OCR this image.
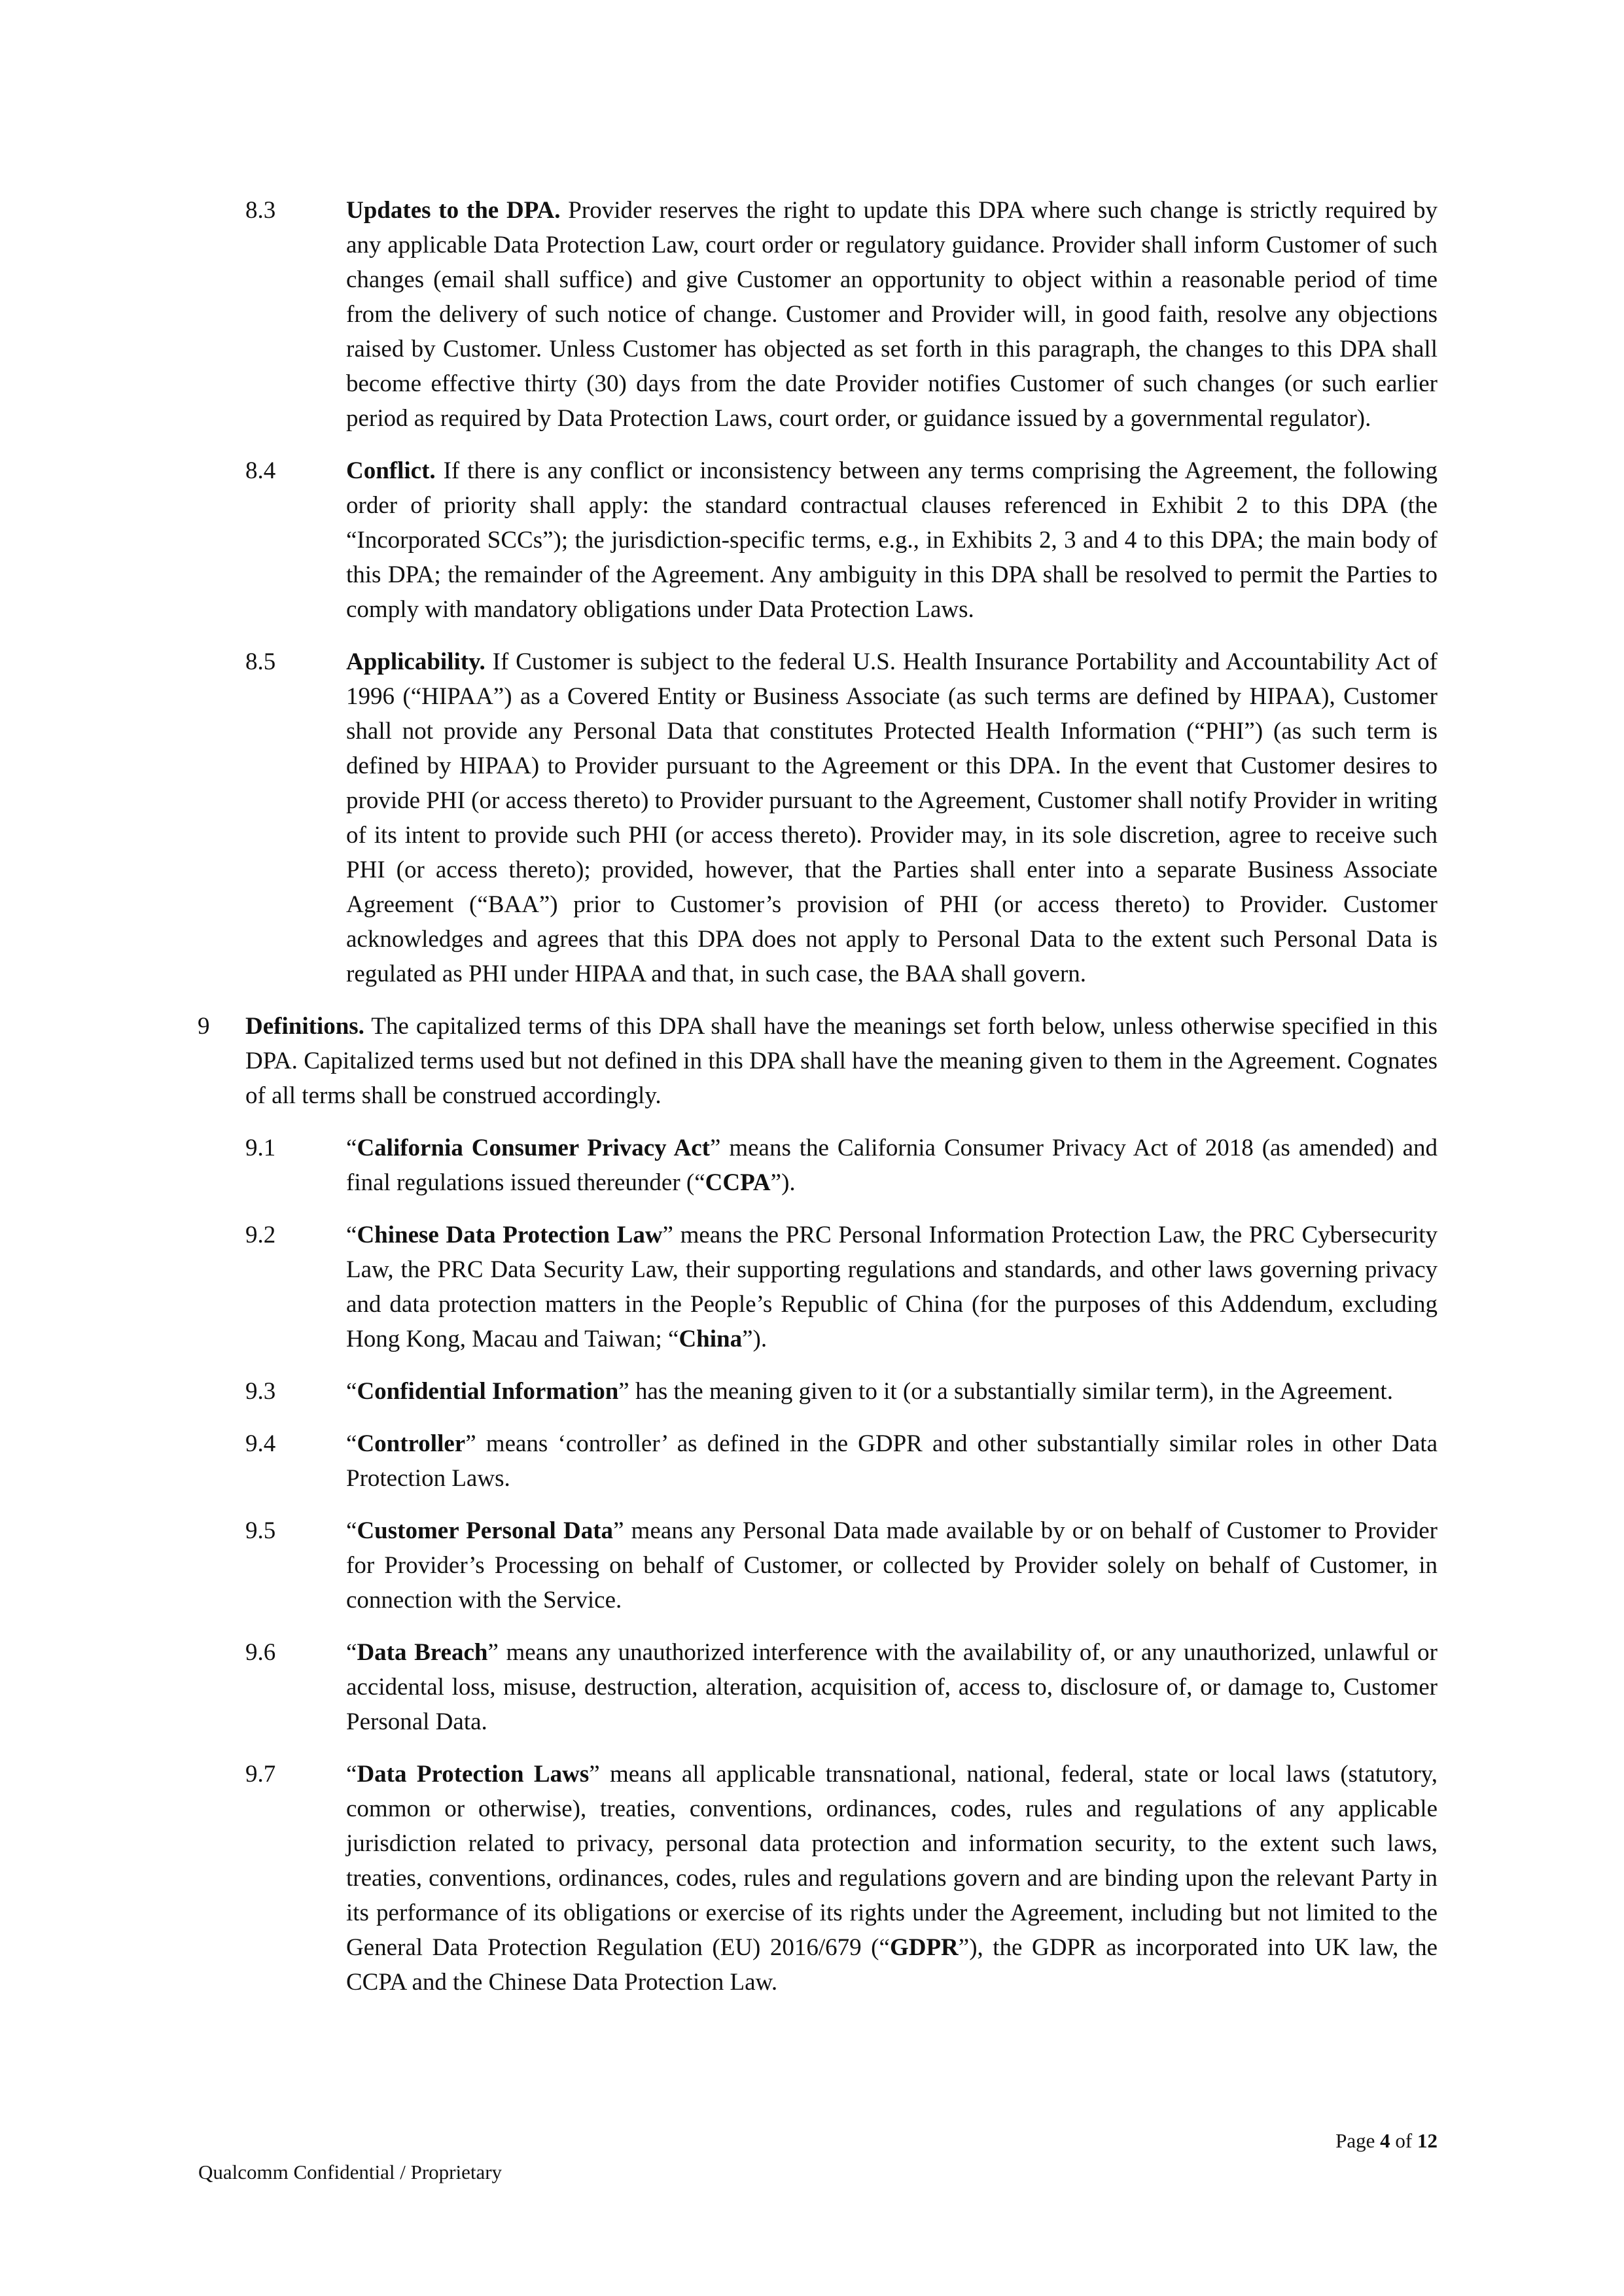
8.3	Updates to the DPA. Provider reserves the right to update this DPA where such change is strictly required by any applicable Data Protection Law, court order or regulatory guidance. Provider shall inform Customer of such changes (email shall suffice) and give Customer an opportunity to object within a reasonable period of time from the delivery of such notice of change. Customer and Provider will, in good faith, resolve any objections raised by Customer. Unless Customer has objected as set forth in this paragraph, the changes to this DPA shall become effective thirty (30) days from the date Provider notifies Customer of such changes (or such earlier period as required by Data Protection Laws, court order, or guidance issued by a governmental regulator).
8.4	Conflict. If there is any conflict or inconsistency between any terms comprising the Agreement, the following order of priority shall apply: the standard contractual clauses referenced in Exhibit 2 to this DPA (the “Incorporated SCCs”); the jurisdiction-specific terms, e.g., in Exhibits 2, 3 and 4 to this DPA; the main body of this DPA; the remainder of the Agreement. Any ambiguity in this DPA shall be resolved to permit the Parties to comply with mandatory obligations under Data Protection Laws.
8.5	Applicability. If Customer is subject to the federal U.S. Health Insurance Portability and Accountability Act of 1996 (“HIPAA”) as a Covered Entity or Business Associate (as such terms are defined by HIPAA), Customer shall not provide any Personal Data that constitutes Protected Health Information (“PHI”) (as such term is defined by HIPAA) to Provider pursuant to the Agreement or this DPA. In the event that Customer desires to provide PHI (or access thereto) to Provider pursuant to the Agreement, Customer shall notify Provider in writing of its intent to provide such PHI (or access thereto). Provider may, in its sole discretion, agree to receive such PHI (or access thereto); provided, however, that the Parties shall enter into a separate Business Associate Agreement (“BAA”) prior to Customer’s provision of PHI (or access thereto) to Provider. Customer acknowledges and agrees that this DPA does not apply to Personal Data to the extent such Personal Data is regulated as PHI under HIPAA and that, in such case, the BAA shall govern.
9 Definitions. The capitalized terms of this DPA shall have the meanings set forth below, unless otherwise specified in this DPA. Capitalized terms used but not defined in this DPA shall have the meaning given to them in the Agreement. Cognates of all terms shall be construed accordingly.
9.1	“California Consumer Privacy Act” means the California Consumer Privacy Act of 2018 (as amended) and final regulations issued thereunder (“CCPA”).
9.2	“Chinese Data Protection Law” means the PRC Personal Information Protection Law, the PRC Cybersecurity Law, the PRC Data Security Law, their supporting regulations and standards, and other laws governing privacy and data protection matters in the People’s Republic of China (for the purposes of this Addendum, excluding Hong Kong, Macau and Taiwan; “China”).
9.3	“Confidential Information” has the meaning given to it (or a substantially similar term), in the Agreement.
9.4	“Controller” means ‘controller’ as defined in the GDPR and other substantially similar roles in other Data Protection Laws.
9.5	“Customer Personal Data” means any Personal Data made available by or on behalf of Customer to Provider for Provider’s Processing on behalf of Customer, or collected by Provider solely on behalf of Customer, in connection with the Service.
9.6	“Data Breach” means any unauthorized interference with the availability of, or any unauthorized, unlawful or accidental loss, misuse, destruction, alteration, acquisition of, access to, disclosure of, or damage to, Customer Personal Data.
9.7	“Data Protection Laws” means all applicable transnational, national, federal, state or local laws (statutory, common or otherwise), treaties, conventions, ordinances, codes, rules and regulations of any applicable jurisdiction related to privacy, personal data protection and information security, to the extent such laws, treaties, conventions, ordinances, codes, rules and regulations govern and are binding upon the relevant Party in its performance of its obligations or exercise of its rights under the Agreement, including but not limited to the General Data Protection Regulation (EU) 2016/679 (“GDPR”), the GDPR as incorporated into UK law, the CCPA and the Chinese Data Protection Law.
Page 4 of 12
Qualcomm Confidential / Proprietary
